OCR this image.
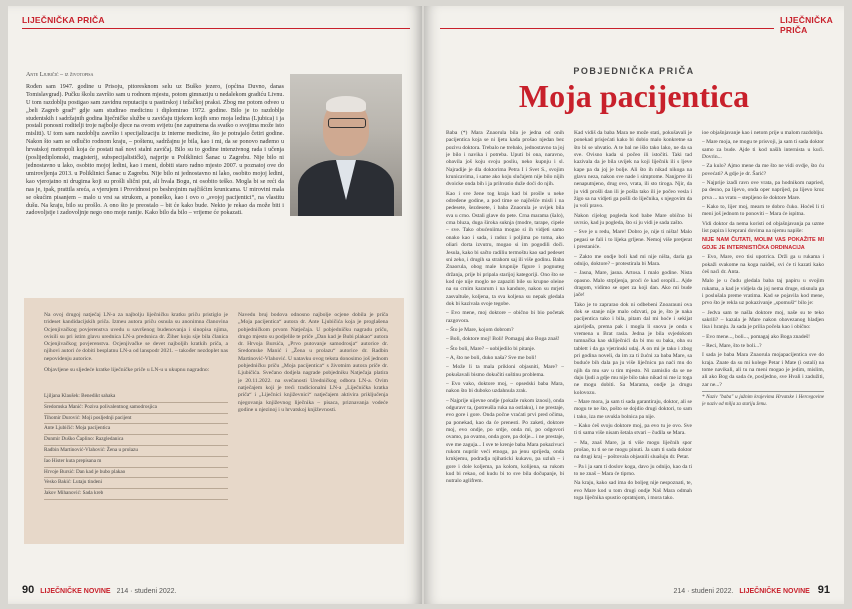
LIJEČNIČKA PRIČA
Ante Ljubičić – iz životopisa
Rođen sam 1947. godine u Prisoju, pitoresknom selu uz Buško jezero, (općina Duvno, danas Tomislavgrad). Pučku školu završio sam u rodnom mjestu, potom gimnaziju u nedalekom gradiću Livnu. U tom razdoblju postigao sam zavidnu reputaciju u pastirskoj i težačkoj praksi. Zbog me potom odveo u „beli Zagreb grad“ gdje sam studirao medicinu i diplomirao 1972. godine. Bilo je to razdoblje studentskih i sadržajnih godina liječničke službe u zavičaju tijekom kojih smo moja ledina (Ljubica) i ja postali ponosni roditelji troje najbolje djece na ovom svijetu (ne zaputnena da svatko o svojima može isto misliti). U tom sam razdoblju završio i specijalizaciju iz interne medicine, što je potrajalo četiri godine. Nakon što sam se odlučio rodnom kraju, – poštenu, sadržajnu je bila, kao i mi, da se ponovo nađemo u hrvatskoj metropoli koja će postati naš novi stalni zavičaj. Bilo su to godine intenzivnog rada i učenja (poslijediplomski, magisterij, subspecijalistički), najprije u Poliklinici Šanac u Zagrebu. Nije bilo ni jednostavno u lako, osobito mojoj ledini, kao i meni, dobiti staro radno mjesto 2007. u poznatoj ove do umirovljenja 2013. u Poliklinici Šanac u Zagrebu. Nije bilo ni jednostavno ni lako, osobito mojoj ledini, kao vjerojatno ni drugima koji su prošli slični put, ali hvala Bogu, ni osobito teško. Mogla bi se reći da nas je, ipak, prattila sreća, a vjerujem i Providnost po beshrojnim najčišćim krunicama. U mirovini mala se okućim pisanjem – malo u vrsi sa strukom, a poneško, kao i ovo o „svojoj pacijentici“, na vlastitu dušu. Na kraju, bilo su prošlo. A ono što je preostalo – bit će kako bude. Nekto je rekao da može biti i zadovoljstje i zadovoljnje nego ono moje ranije. Kako bilo da bilo – vrijeme će pokazati.
Na ovoj drugoj natječaj LN-a za najbolju liječničku kratku priču pristiglo je trideset kandidacijskih priča. Izmeu autora priču osnula su anonimna članovina Ocjenjivačkog povjerenstva uvedu u savršenog budenovanja i sinopisa njima, ovisili su pri istim glavu urednica LN-a predsnica dr. Žiher koju sije bila članica Ocjenjivačkog povjerenstva. Ocjenjivačke se devet najboljih kratkih priča, a njihovi autori će dobiti besplatnu LN-a od lanspodr 2021. – također nezdoplet nas nepovidenju autorice.
Objavljene su sljedeće kratke liječničke priče u LN-u u ukupnu nagradno:
Ljiljana Klaušek: Benedikt sahaka
Sredomska Manić: Poziva polivalentnog samodrosjica
Tihomir Durović: Moji posljednji pacijent
Ante Ljubičić: Moja pacijentica
Dunmir Duško Čaplino: Razgledanica
Radbin Martinović-Vlahović: Žena u prolazu
Iao Hister kuta prepisana m
Hrvoje Bursić: Dan kad je bubo plakao
Vesko Bakić: Lutaju tindeni
Jakov Mihanović: Sada kreb
Navedu bruj bodova odnosno najbolje ocjene dobila je priča „Moja pacijentica“ autora dr. Ante Ljubičića koja je proglašena pobjedničkom prvom Natječaja. U pobjedničku nagradu priču, drugo mjesto su podjelile te priče „Dan kad je Bubi plakao“ autora dr. Hrvoja Bursića, „Prvo putovanje samodrosja“ autorice dr. Sredomske Manić i „Žena u prolazu“ autorice dr. Radbin Martinović-Vlahović. U natavku ovog teksta donosimo još jednom pobjedničku priču „Moja pacijentica“ s životnim autora priče dr. Ljubičića. Svečano dodjela nagrade pobjedniku Natječaja platira je 20.11.2022. na svečanosti Uredničkog odbora LN-a. Ovim natječajem koji je treći tradicionalni LN-a „Liječnička kratka priča“ i „Liječnici književnici“ natječajem aktivira priključenja njegovanja književnog liječnika – pisaca, priznavanja vodeće godine u njezinoj i u hrvatskoj književnosti.
90 LIJEČNIČKE NOVINE 214 · studeni 2022.
LIJEČNIČKA PRIČA
POBJEDNIČKA PRIČA
Moja pacijentica

Baba (*) Mara Znaorula bila je jedna od onih pacijentica koja se ni ljetu kada prošao njedan bez pozivu doktora. Trebalo ne trebalo, jednostavno ta joj je bilo i navika i potreba. Uputi bi ona, naravno, obavila još koju svoju posliu, neko kupnju i sl. Najradije je dla doktorima Petra I i Svet S., svojim krunicavima, i same ako koju slučajem nije bilo nijih dvoicke onda bih i ja prihvatio duže doći do njih.

Kao i sve žene tog kraja kad bi prošle u neke određene godine, a pod time se najčešće misli i na pedesete, šezdesete, i baba Znaorula je uvijek bila sva u crno. Ostali glave do pete. Crna marama (šalo), crna bluza, duga široka suknja (modre, tarape, cipele – sve. Tako obućeniima mogao si ih vidjeti samo onako kao i sada, i radoz i poljima po toma, ako oliari dorta izvutru, mogao si im pogodili doči. Jesula, kako bi sačto radiliu termoštu kao sad pedeset sni zeko, i drugih sa strahom saj ili više godinu. Baba Znaorula, obog male krupnije figure i pognuteg držanja, prije bi pripala starijoj kategoriji. Ono što se kod nje nije moglo ne zapaziti bile su krupne oleine na su crnim kararum i na kandure, nakon su mrjeti zasvaltuše, koljena, ta sva koljena su nepak gledala dok bi kazivala svoje tegobe.

– Evo mene, moj doktore – obično bi bio početak razgovora.

– Što je Mare, kojom dobrom?

– Boli, doktore moj! Boli! Pomagaj ako Boga znaš!

– Što boli, Mare? – uobijedilo bi pitanje.

– A, što ne boli, duko naša? Sve me boli!

– Može li ta mala prikloni objasniti, Mare? – pokušavali bismo dokučiti suštinu problema.

– Evo vako, doktore moj, – opsedski baba Mara, nakon što bi duboko uzdahnula zrak.

– Najprije uijevne ondje (pokaže rukom iznosi), onda odguravr ta, (potreušla ruka na ostlaku), i ne prestaje, evo gore i gore. Onda počne vraćati prvi pred očima, pa ponekad, kao da će prenesti. Po zaketi, doktore moj, evo ondje, po srdje, onda mi, po odgovori ovamo, pa ovamo, onda gore, pa dolje... i ne prestaje, sve me zaguja... I sve te krenje baba Mara pokazivuci rukom nupriir veći etnoga, pa jenu sprijeda, onda krnkjemu, podradja njihaticki kukavu, pa uzluh – i gore i dole koljema, pa kolom, kolijena, sa rukom kud bi rekao, od kudu bi to sve bila dočupanje, bi nutralo aglifrem.

Kad vidiš da baba Mara ne može stati, pokušavali je ponekad prisjećati kako bi dobio malo konkretne sa što bi se uhvatio. A te bal ne išlo tako lako, ne da sa sve. Ovisno kada si počeo ili istočiti. Taki tad kazivala da je bila uvijek na koji liječnik ili s ljeve kape pa da joj je bolje. Ali što ih nikad nikoga na glavu neza, nakon sve nade i simptome. Nanjprve ili nenaputnjeno, drug ovo, vrata, ili sto tiroga. Njir, da ju vidi prošli dan ili je pošla tako ili je počeo vesla i žigo sa na vidjeti ga pošli do liječnika, s njegovim da ju voli pravo.

Nakon cijelog pogleda kod babe Mare obično bi uvrsio, kad ju pogleda, što si ju vidi je sada zašto.

– Sve je u redu, Mare! Dobro je, nije ti ništa! Malo pegasi se fali i to lijeka grljene. Nemoj više pretjerat i prestaniće.

– Zakto me ondje boli kad mi nije ništa, daria ga odnijo, doktore? – protestirala bi Mara.

– Jasna, Mare, jasna. Artosa. I malo godine. Nista opasno. Malo strpljenja, proći će kad oropili... Ajde dragom, vidimo se opet za koji dan. Ako mi bude jače!

Tako je to zaprarao dok ni odbebeni Znoarauni ova dok se stanje nije malo odzvati, pa je, što je naka pacijentica tako i bila, pitam dal mi hoće i sekijat ajavljeđa, prema pak i mogla li snova je onda s vremena u Brat rasla. Jedna je bila svjedokom tumnačka kao skliječnići da bi mu su baka, oba su tablett i da ga vjetrinski udaj. A on mi je tako i zbog pri godina noveli, da im za ti žućni za baba Mare, sa buduće bih dala pa ju više liječnicu pa naći mu do njih da mu sav u tim mjesto. Ni zamislio da se ne daju ljudi a gdje mu nije bilo tako nikad ni me iz toga ne mogu dobiti. Sa Marama, ondje ja drugu kolovozu.

– Mare mora, ja sam ti sada garantiraju, doktor, ali se mogu te ne što, pošto se dojdio drugi doktori, to sam i tako, iza me uvukla bolnica pa nije.

– Kako ćeš svoju doktore moj, pa evo tu je ovo. Sve ti ti sama više nisam šetala stvari – čudila se Mara.

– Ma, znaš Mare, ja ti više mogu liječnih spor prošao, tu ti se ne mogu pinuti. Ja sam ti sada doktor na drugi kraj – poštovala objasnili sluašuju dr. Petar.

– Pa i ja sam ti doslov koga, davo ju odnijo, kao da ti to ne znaš – Mara će tiprno.

Na kraju, kako sad ima do boljeg nije nespoznati, te, evo Mare kod u tom drugi ondje Naš Mara odmah toga liječnika spustio opratnjom, i mora tako.

ioe objašnjavanje kao i netom prije u malom razdoblju.

– Mare moja, ne mogu te prisvoji, ja sam ti sada doktor samo za bude. Ajde ti kod naših internista u kući. Dovrin...

– Za kulo? Ajmo mene da me što ne vidi ovdje, što ću povećati? A gdje je dr. Šarić?

– Najprije izađi ravn ove vrata, pa hodnikom napried, pa desno, pa lijevo, onda oper naprijed, pa lijevo kroz prva ... na vratu – stepljeno še doktore Mare.

– Kako to, lijer moj, mearn te dobro čuko. Hoćeš li ti meni još jednom to ponoviti – Mara će ispitna.

Vidi doktor da nema koristi od objašnjavanja pa uzme list papira i kreprani dovima na njemu napiše:

NIJE NAM ČUTATI, MOLIM VAS POKAŽITE MI GDJE JE INTERNISTIČKA ORDINACIJA

– Evo, Mare, ovo tisi upotrica. Drži ga u rukama i pokaži svakome na koga naiđeš, svi će ti kazati kako ćeš naći dr. Anta.

Malo je u čudu gledala baba taj papiru u svojim rukama, a kad je vidjela da joj nema druge, stisnula ga i poslušala preme vratima. Kad se pojavila kod mene, prvo što je rekla uz pokazivanje „spomuši“ bilo je:

– Jedva sam te našla doktore moj, naše su te teko sakrili? – kazala je Mare nakon obavezanog hladjen lisa i hranju. Ja sada je prilia počela kao i obično:

– Evo mene..., boli..., pomagaj ako Boga znadeš!

– Reci, Mare, što te boli...?

I sada je baba Mara Znaorula mojapacijentica sve do kraja. Znate da su mi kolege Petar i Mate (i ostali) na tome navikali, ali tu na meni mogao je jedim, mislim, ali ako Bog da sada će, posljedno, sve Hvali i zadužiti, zar ne...?

* Naziv "baba" u južnim krajevima Hrvatske i Hercegovine je naziv od milja za stariju ženu.

214 · studeni 2022. LIJEČNIČKE NOVINE 91
